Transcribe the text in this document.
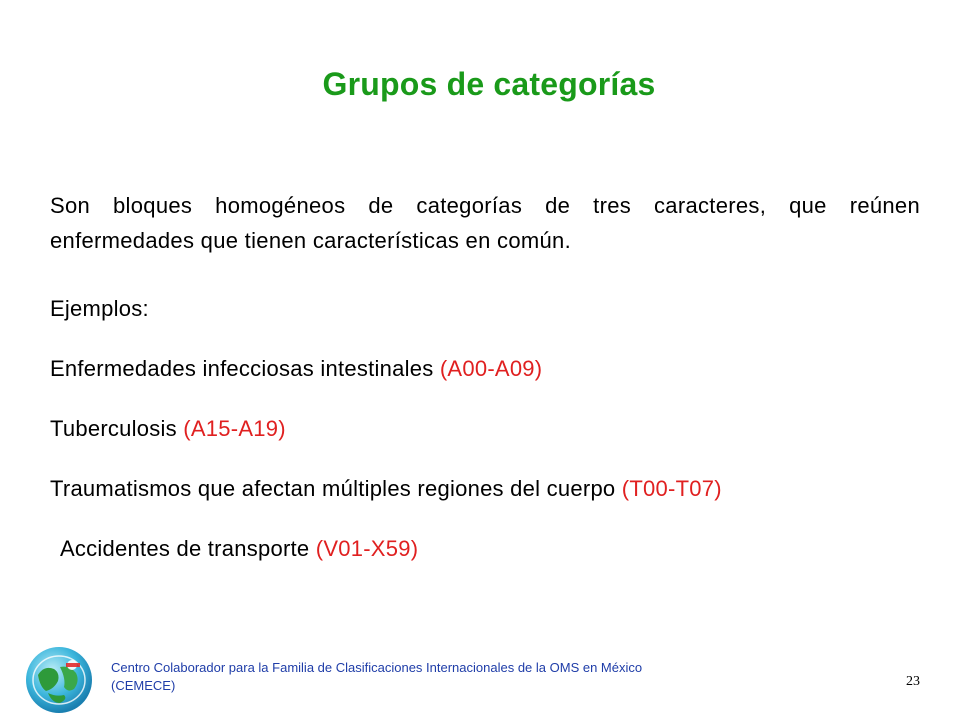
Grupos de categorías
Son bloques homogéneos de categorías de tres caracteres, que reúnen enfermedades que tienen características en común.
Ejemplos:
Enfermedades infecciosas intestinales (A00-A09)
Tuberculosis (A15-A19)
Traumatismos que afectan múltiples regiones del cuerpo (T00-T07)
Accidentes de transporte (V01-X59)
Centro Colaborador para la Familia de Clasificaciones Internacionales de la OMS en México (CEMECE)	23
